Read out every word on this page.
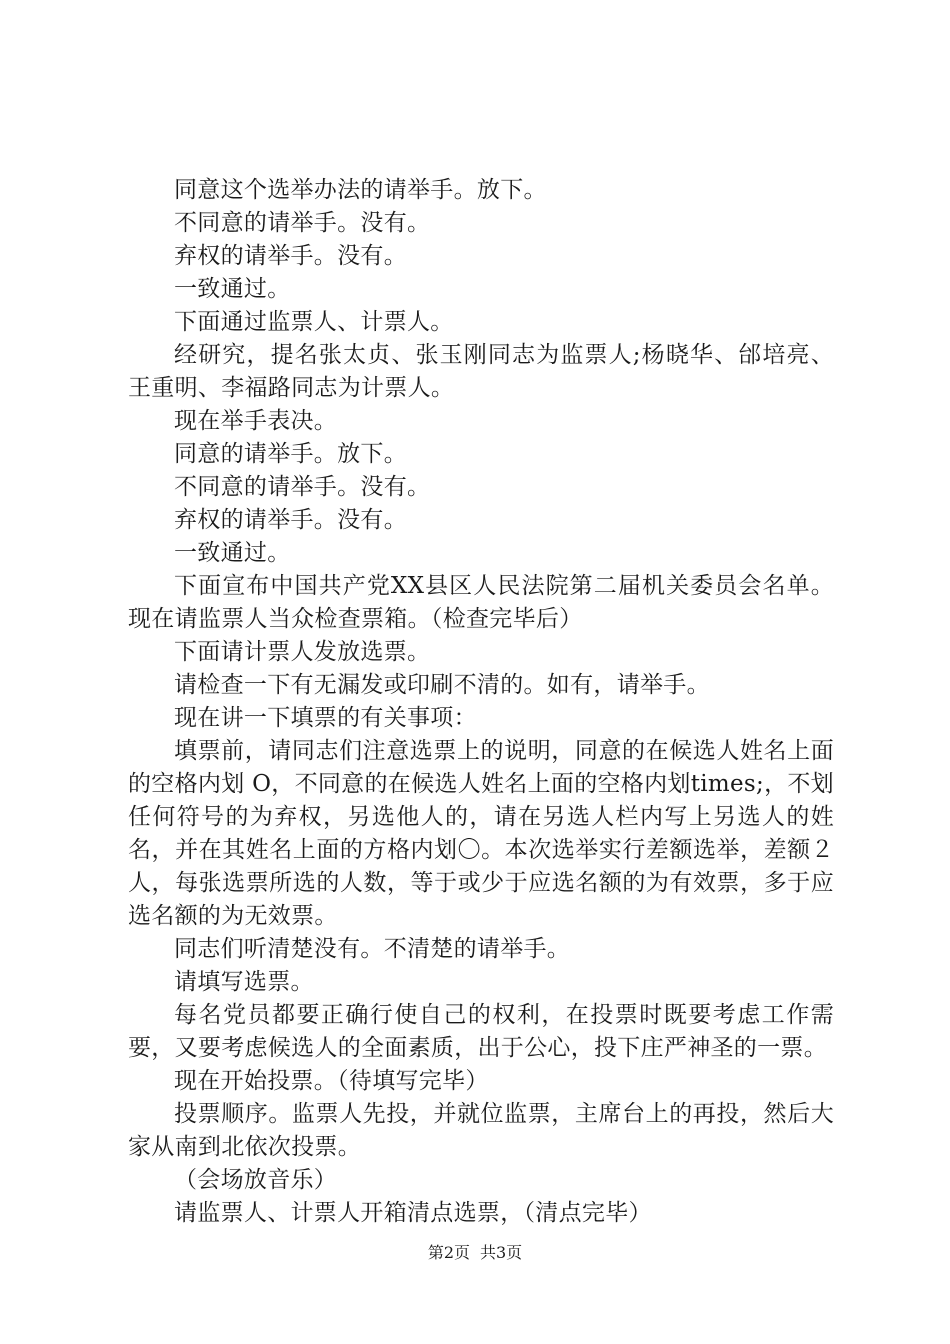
同意这个选举办法的请举手。放下。

不同意的请举手。没有。

弃权的请举手。没有。

一致通过。

下面通过监票人、计票人。

经研究，提名张太贞、张玉刚同志为监票人;杨晓华、邰培亮、王重明、李福路同志为计票人。

现在举手表决。

同意的请举手。放下。

不同意的请举手。没有。

弃权的请举手。没有。

一致通过。

下面宣布中国共产党XX县区人民法院第二届机关委员会名单。现在请监票人当众检查票箱。（检查完毕后）

下面请计票人发放选票。

请检查一下有无漏发或印刷不清的。如有，请举手。

现在讲一下填票的有关事项：

填票前，请同志们注意选票上的说明，同意的在候选人姓名上面的空格内划 O，不同意的在候选人姓名上面的空格内划times;，不划任何符号的为弃权，另选他人的，请在另选人栏内写上另选人的姓名，并在其姓名上面的方格内划〇。本次选举实行差额选举，差额２人，每张选票所选的人数，等于或少于应选名额的为有效票，多于应选名额的为无效票。

同志们听清楚没有。不清楚的请举手。

请填写选票。

每名党员都要正确行使自己的权利，在投票时既要考虑工作需要，又要考虑候选人的全面素质，出于公心，投下庄严神圣的一票。

现在开始投票。（待填写完毕）

投票顺序。监票人先投，并就位监票，主席台上的再投，然后大家从南到北依次投票。

（会场放音乐）

请监票人、计票人开箱清点选票，（清点完毕）

第2页 共3页
